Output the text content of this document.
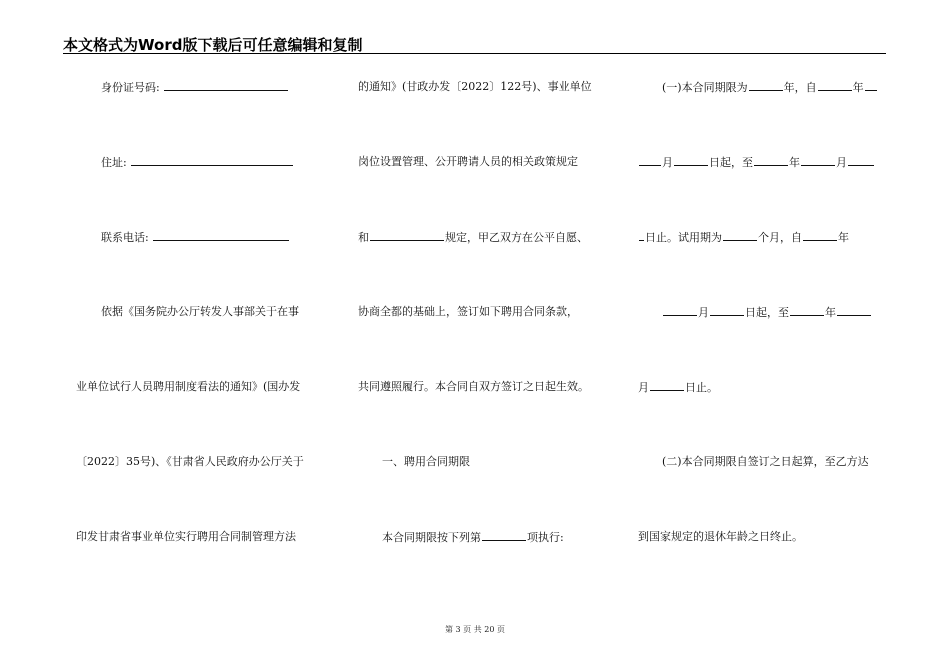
本文格式为Word版下载后可任意编辑和复制
身份证号码:
住址:
联系电话:
依据《国务院办公厅转发人事部关于在事
业单位试行人员聘用制度看法的通知》(国办发
〔2022〕35号)、《甘肃省人民政府办公厅关于
印发甘肃省事业单位实行聘用合同制管理方法
的通知》(甘政办发〔2022〕122号)、事业单位
岗位设置管理、公开聘请人员的相关政策规定
和	规定，甲乙双方在公平自愿、
协商全都的基础上，签订如下聘用合同条款，
共同遵照履行。本合同自双方签订之日起生效。
一、聘用合同期限
本合同期限按下列第	项执行:
(一)本合同期限为	年，自	年
月	日起，至	年	月
日止。试用期为	个月，自	年
月	日起，至	年
月	日止。
(二)本合同期限自签订之日起算，至乙方达
到国家规定的退休年龄之日终止。
第 3 页 共 20 页
